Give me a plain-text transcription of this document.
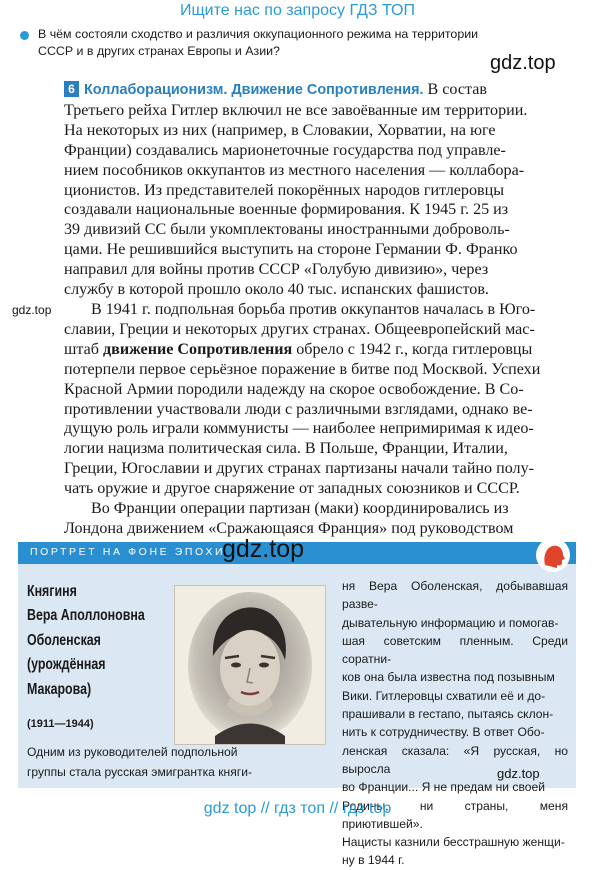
Ищите нас по запросу ГДЗ ТОП
В чём состояли сходство и различия оккупационного режима на территории
СССР и в других странах Европы и Азии?
gdz.top
gdz.top

6 Коллаборационизм. Движение Сопротивления. В состав
Третьего рейха Гитлер включил не все завоёванные им территории.
На некоторых из них (например, в Словакии, Хорватии, на юге
Франции) создавались марионеточные государства под управле-
нием пособников оккупантов из местного населения — коллабора-
ционистов. Из представителей покорённых народов гитлеровцы
создавали национальные военные формирования. К 1945 г. 25 из
39 дивизий СС были укомплектованы иностранными доброволь-
цами. Не решившийся выступить на стороне Германии Ф. Франко
направил для войны против СССР «Голубую дивизию», через
службу в которой прошло около 40 тыс. испанских фашистов.

В 1941 г. подпольная борьба против оккупантов началась в Юго-
славии, Греции и некоторых других странах. Общеевропейский мас-
штаб движение Сопротивления обрело с 1942 г., когда гитлеровцы
потерпели первое серьёзное поражение в битве под Москвой. Успехи
Красной Армии породили надежду на скорое освобождение. В Со-
противлении участвовали люди с различными взглядами, однако ве-
дущую роль играли коммунисты — наиболее непримиримая к идео-
логии нацизма политическая сила. В Польше, Франции, Италии,
Греции, Югославии и других странах партизаны начали тайно полу-
чать оружие и другое снаряжение от западных союзников и СССР.

Во Франции операции партизан (маки) координировались из
Лондона движением «Сражающаяся Франция» под руководством

ПОРТРЕТ НА ФОНЕ ЭПОХИ
Княгиня
Вера Аполлоновна
Оболенская
(урождённая
Макарова)
(1911—1944)
Одним из руководителей подпольной
группы стала русская эмигрантка княги-
ня Вера Оболенская, добывавшая разве-
дывательную информацию и помогав-
шая советским пленным. Среди соратни-
ков она была известна под позывным
Вики. Гитлеровцы схватили её и до-
прашивали в гестапо, пытаясь склон-
нить к сотрудничеству. В ответ Обо-
ленская сказала: «Я русская, но выросла
во Франции... Я не предам ни своей
Родины, ни страны, меня приютившей».
Нацисты казнили бесстрашную женщи-
ну в 1944 г.
gdz.top
gdz.top
gdz top // гдз топ // гдз top
